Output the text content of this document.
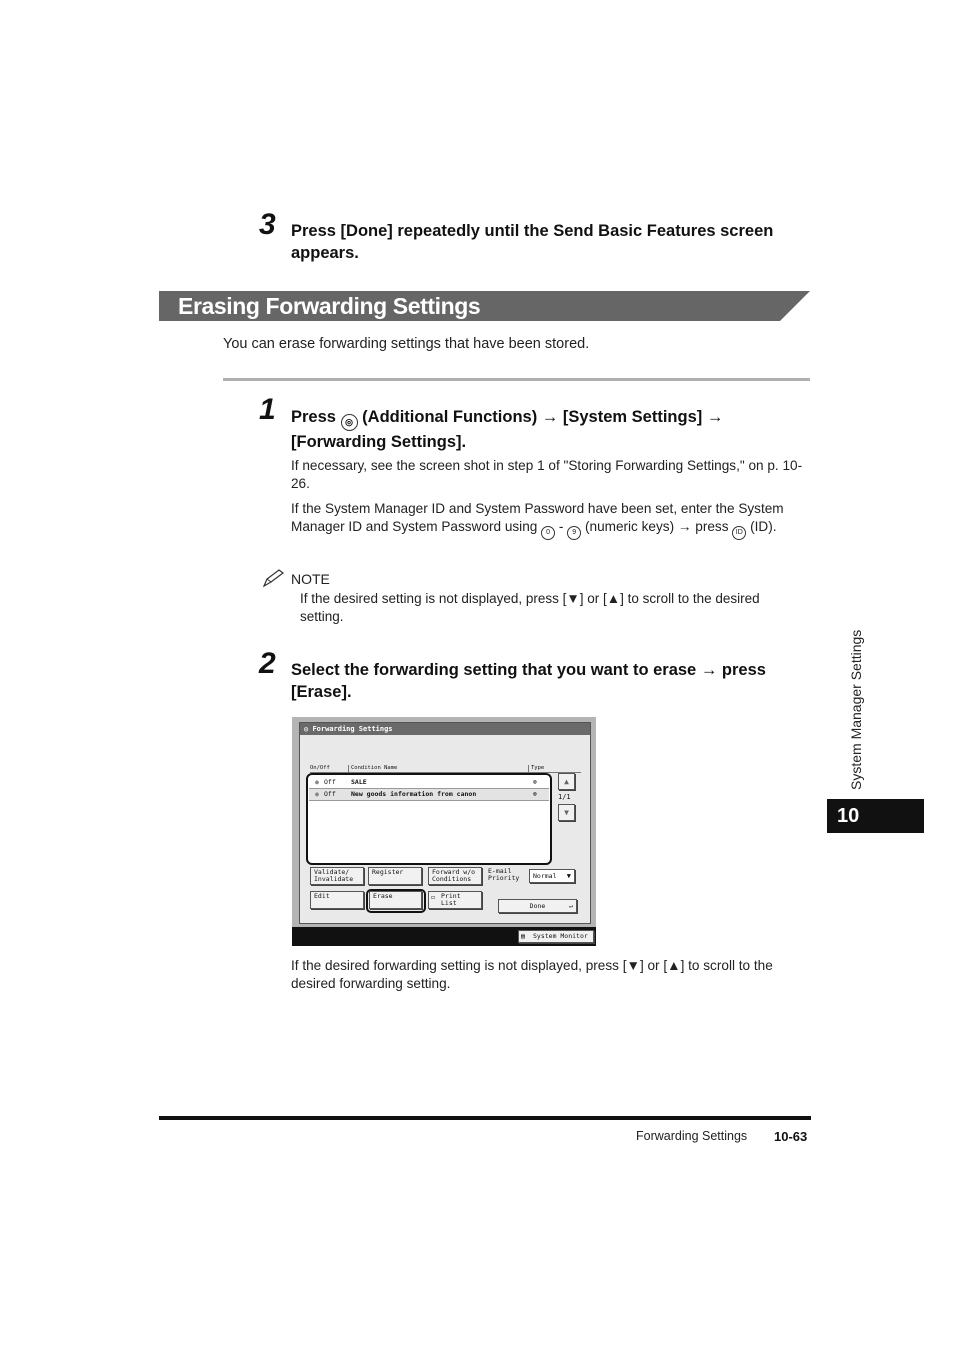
3 Press [Done] repeatedly until the Send Basic Features screen appears.
Erasing Forwarding Settings
You can erase forwarding settings that have been stored.
1 Press ◎ (Additional Functions) → [System Settings] → [Forwarding Settings].
If necessary, see the screen shot in step 1 of "Storing Forwarding Settings," on p. 10-26.
If the System Manager ID and System Password have been set, enter the System Manager ID and System Password using 0 - 9 (numeric keys) → press ID (ID).
NOTE
If the desired setting is not displayed, press [▼] or [▲] to scroll to the desired setting.
2 Select the forwarding setting that you want to erase → press [Erase].
◎ Forwarding Settings
On/Off	Condition Name	Type
● Off SALE	⊗
● Off New goods information from canon	⊗
▲
1/1
▼
Validate/ Invalidate
Register	Forward w/o Conditions
E-mail Priority	Normal ▼
Edit	Erase	▭ Print List	Done	↵
▤ System Monitor
If the desired forwarding setting is not displayed, press [▼] or [▲] to scroll to the desired forwarding setting.
System Manager Settings
10
Forwarding Settings 10-63
